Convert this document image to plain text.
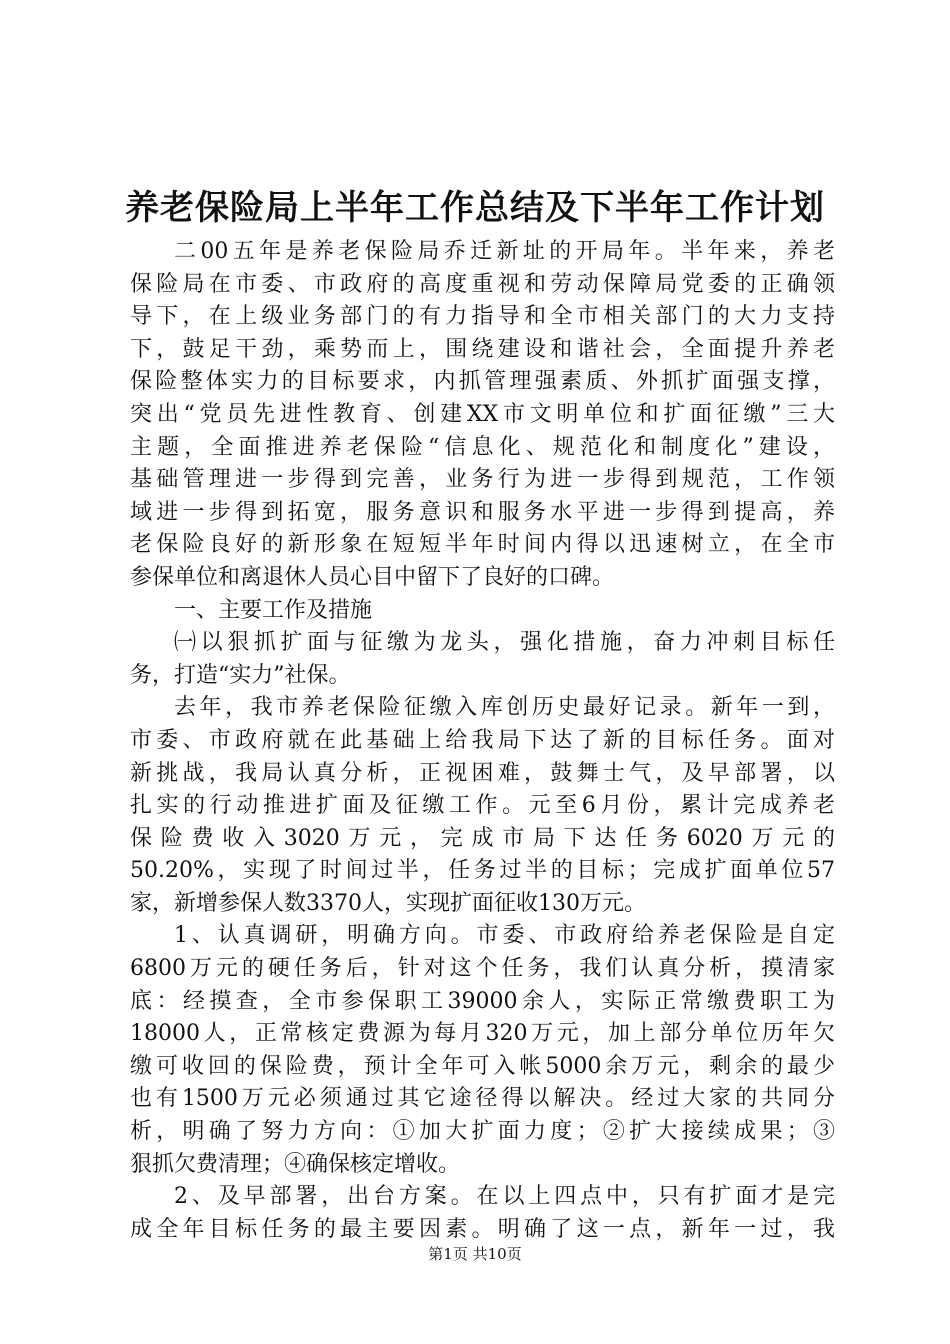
养老保险局上半年工作总结及下半年工作计划

二00五年是养老保险局乔迁新址的开局年。半年来，养老

保险局在市委、市政府的高度重视和劳动保障局党委的正确领

导下，在上级业务部门的有力指导和全市相关部门的大力支持

下，鼓足干劲，乘势而上，围绕建设和谐社会，全面提升养老

保险整体实力的目标要求，内抓管理强素质、外抓扩面强支撑，

突出“党员先进性教育、创建XX市文明单位和扩面征缴”三大

主题，全面推进养老保险“信息化、规范化和制度化”建设，

基础管理进一步得到完善，业务行为进一步得到规范，工作领

域进一步得到拓宽，服务意识和服务水平进一步得到提高，养

老保险良好的新形象在短短半年时间内得以迅速树立，在全市

参保单位和离退休人员心目中留下了良好的口碑。

一、主要工作及措施

㈠以狠抓扩面与征缴为龙头，强化措施，奋力冲刺目标任

务，打造“实力”社保。

去年，我市养老保险征缴入库创历史最好记录。新年一到，

市委、市政府就在此基础上给我局下达了新的目标任务。面对

新挑战，我局认真分析，正视困难，鼓舞士气，及早部署，以

扎实的行动推进扩面及征缴工作。元至6月份，累计完成养老

保险费收入3020万元，完成市局下达任务6020万元的

50.20%，实现了时间过半，任务过半的目标；完成扩面单位57

家，新增参保人数3370人，实现扩面征收130万元。

1、认真调研，明确方向。市委、市政府给养老保险是自定

6800万元的硬任务后，针对这个任务，我们认真分析，摸清家

底：经摸查，全市参保职工39000余人，实际正常缴费职工为

18000人，正常核定费源为每月320万元，加上部分单位历年欠

缴可收回的保险费，预计全年可入帐5000余万元，剩余的最少

也有1500万元必须通过其它途径得以解决。经过大家的共同分

析，明确了努力方向：①加大扩面力度；②扩大接续成果；③

狠抓欠费清理；④确保核定增收。

2、及早部署，出台方案。在以上四点中，只有扩面才是完

成全年目标任务的最主要因素。明确了这一点，新年一过，我

第1页 共10页
